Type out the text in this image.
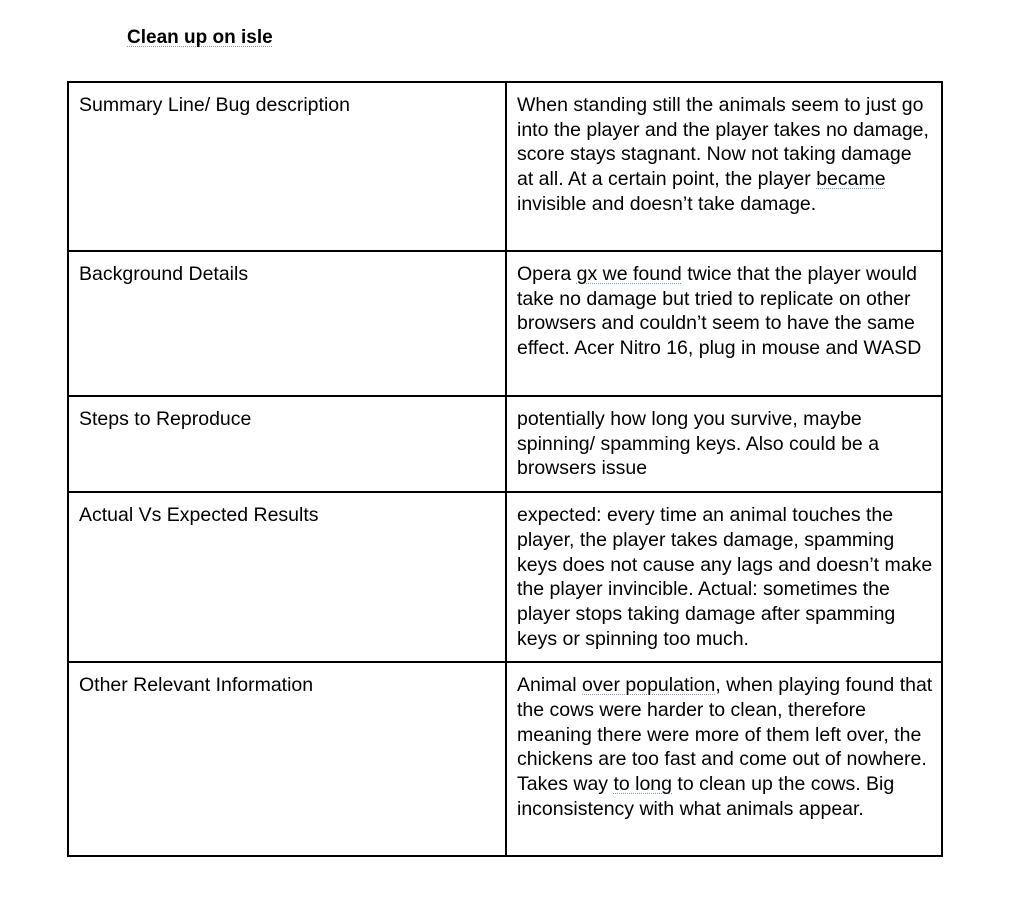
Clean up on isle
Summary Line/ Bug description	When standing still the animals seem to just go into the player and the player takes no damage, score stays stagnant. Now not taking damage at all. At a certain point, the player became invisible and doesn’t take damage.
Background Details	Opera gx we found twice that the player would take no damage but tried to replicate on other browsers and couldn’t seem to have the same effect. Acer Nitro 16, plug in mouse and WASD
Steps to Reproduce	potentially how long you survive, maybe spinning/ spamming keys. Also could be a browsers issue
Actual Vs Expected Results	expected: every time an animal touches the player, the player takes damage, spamming keys does not cause any lags and doesn’t make the player invincible. Actual: sometimes the player stops taking damage after spamming keys or spinning too much.
Other Relevant Information	Animal over population, when playing found that the cows were harder to clean, therefore meaning there were more of them left over, the chickens are too fast and come out of nowhere. Takes way to long to clean up the cows. Big inconsistency with what animals appear.
